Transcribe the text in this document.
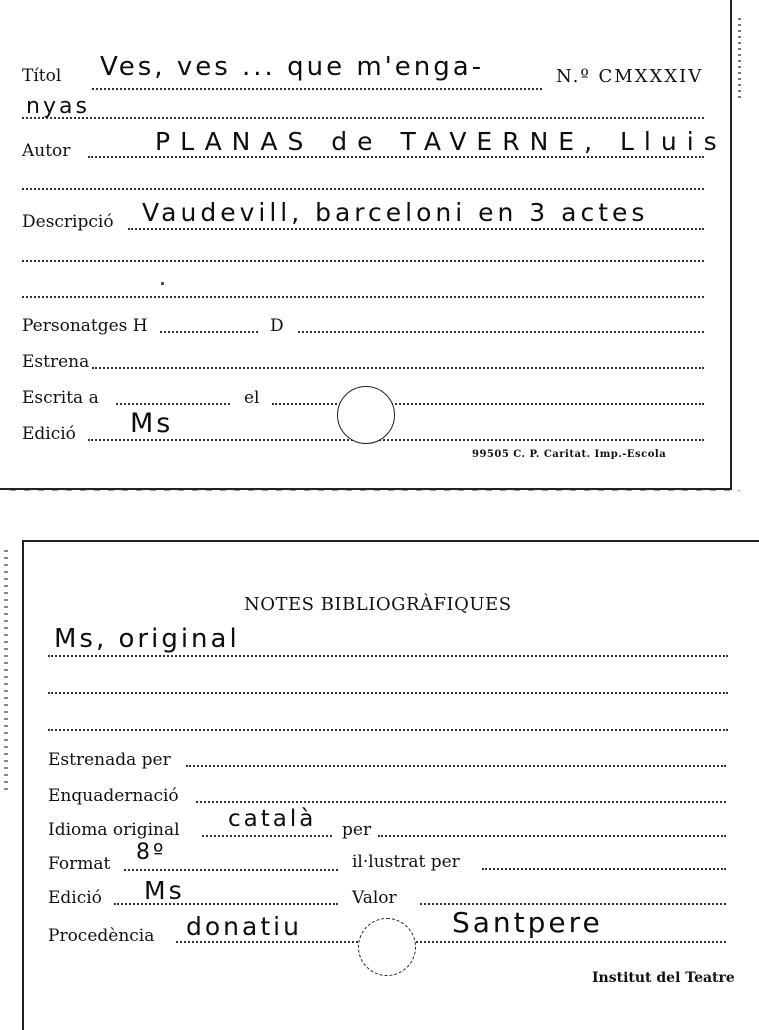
Títol Ves, ves ... que m'enga-	N.º CMXXXIV
nyas
Autor	PLANAS de TAVERNE, Lluis
Descripció Vaudevill, barceloni en 3 actes
Personatges H	D
Estrena
Escrita a	el
Edició Ms
99505 C. P. Caritat. Imp.-Escola
NOTES BIBLIOGRÀFIQUES
Ms, original
Estrenada per
Enquadernació
Idioma original català per
Format 8º	il·lustrat per
Edició Ms	Valor
Procedència donatiu	Santpere
Institut del Teatre
